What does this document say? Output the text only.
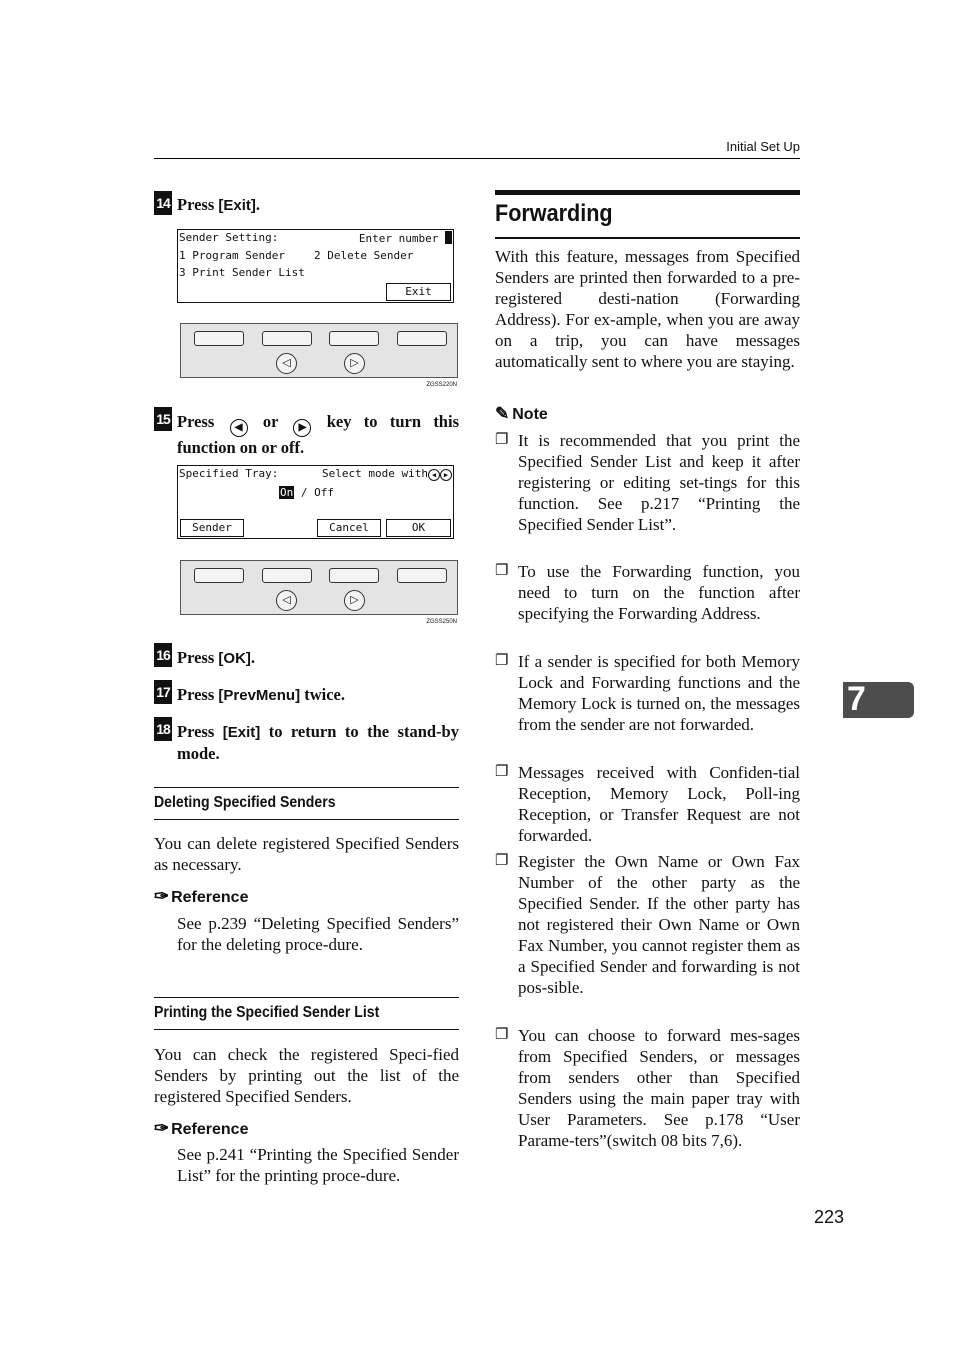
Initial Set Up
7
14 Press [Exit].
Sender Setting:	Enter number
1 Program Sender	2 Delete Sender
3 Print Sender List
Exit
◁	▷
ZGSS220N
15 Press ◀ or ▶ key to turn this function on or off.
Specified Tray:	Select mode with ◀ ▶
On / Off
Sender	Cancel	OK
◁	▷
ZGSS250N
16 Press [OK].
17 Press [PrevMenu] twice.
18 Press [Exit] to return to the stand-by mode.
Deleting Specified Senders
You can delete registered Specified Senders as necessary.
✑ Reference
See p.239 “Deleting Specified Senders” for the deleting proce-dure.
Printing the Specified Sender List
You can check the registered Speci-fied Senders by printing out the list of the registered Specified Senders.
✑ Reference
See p.241 “Printing the Specified Sender List” for the printing proce-dure.
Forwarding
With this feature, messages from Specified Senders are printed then forwarded to a pre-registered desti-nation (Forwarding Address). For ex-ample, when you are away on a trip, you can have messages automatically sent to where you are staying.
✎ Note
❐ It is recommended that you print the Specified Sender List and keep it after registering or editing set-tings for this function. See p.217 “Printing the Specified Sender List”.
❐ To use the Forwarding function, you need to turn on the function after specifying the Forwarding Address.
❐ If a sender is specified for both Memory Lock and Forwarding functions and the Memory Lock is turned on, the messages from the sender are not forwarded.
❐ Messages received with Confiden-tial Reception, Memory Lock, Poll-ing Reception, or Transfer Request are not forwarded.
❐ Register the Own Name or Own Fax Number of the other party as the Specified Sender. If the other party has not registered their Own Name or Own Fax Number, you cannot register them as a Specified Sender and forwarding is not pos-sible.
❐ You can choose to forward mes-sages from Specified Senders, or messages from senders other than Specified Senders using the main paper tray with User Parameters. See p.178 “User Parame-ters”(switch 08 bits 7,6).
223
